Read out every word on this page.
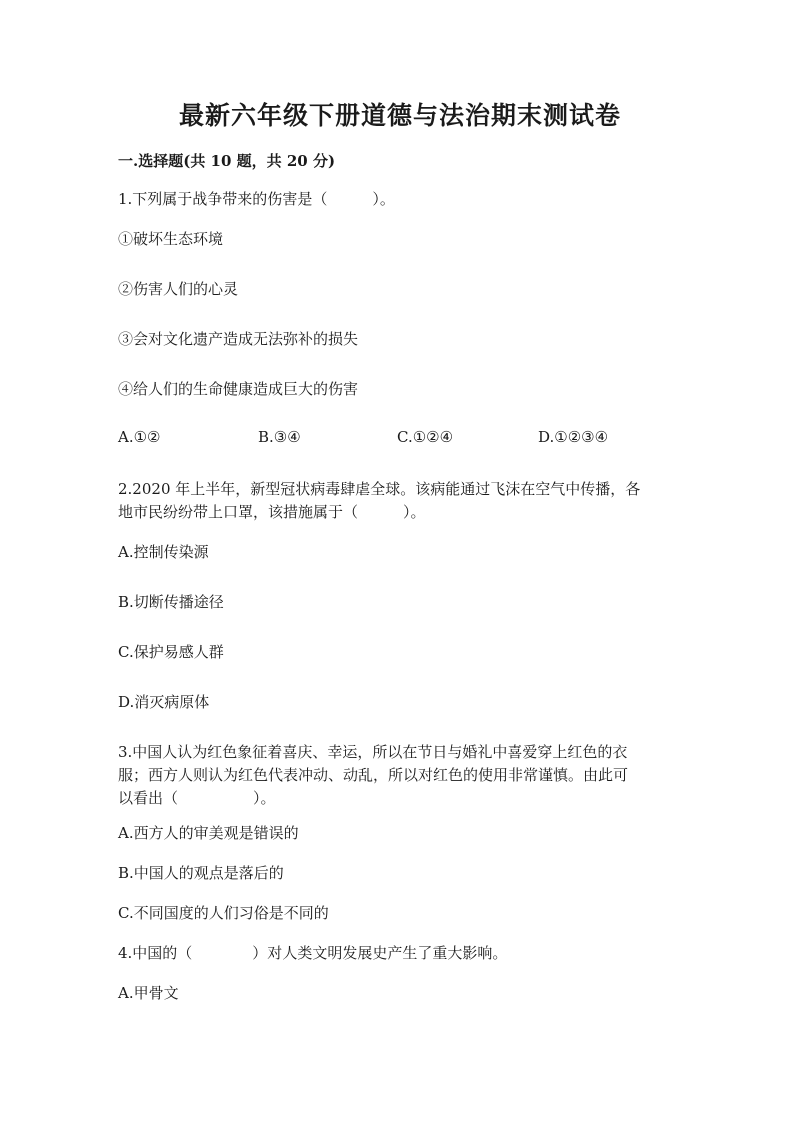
最新六年级下册道德与法治期末测试卷
一.选择题(共 10 题，共 20 分)
1.下列属于战争带来的伤害是（　　　）。
①破坏生态环境
②伤害人们的心灵
③会对文化遗产造成无法弥补的损失
④给人们的生命健康造成巨大的伤害
A.①②	B.③④	C.①②④	D.①②③④
2.2020 年上半年，新型冠状病毒肆虐全球。该病能通过飞沫在空气中传播，各
地市民纷纷带上口罩，该措施属于（　　　）。
A.控制传染源
B.切断传播途径
C.保护易感人群
D.消灭病原体
3.中国人认为红色象征着喜庆、幸运，所以在节日与婚礼中喜爱穿上红色的衣
服；西方人则认为红色代表冲动、动乱，所以对红色的使用非常谨慎。由此可
以看出（　　　　　）。
A.西方人的审美观是错误的
B.中国人的观点是落后的
C.不同国度的人们习俗是不同的
4.中国的（　　　　）对人类文明发展史产生了重大影响。
A.甲骨文
